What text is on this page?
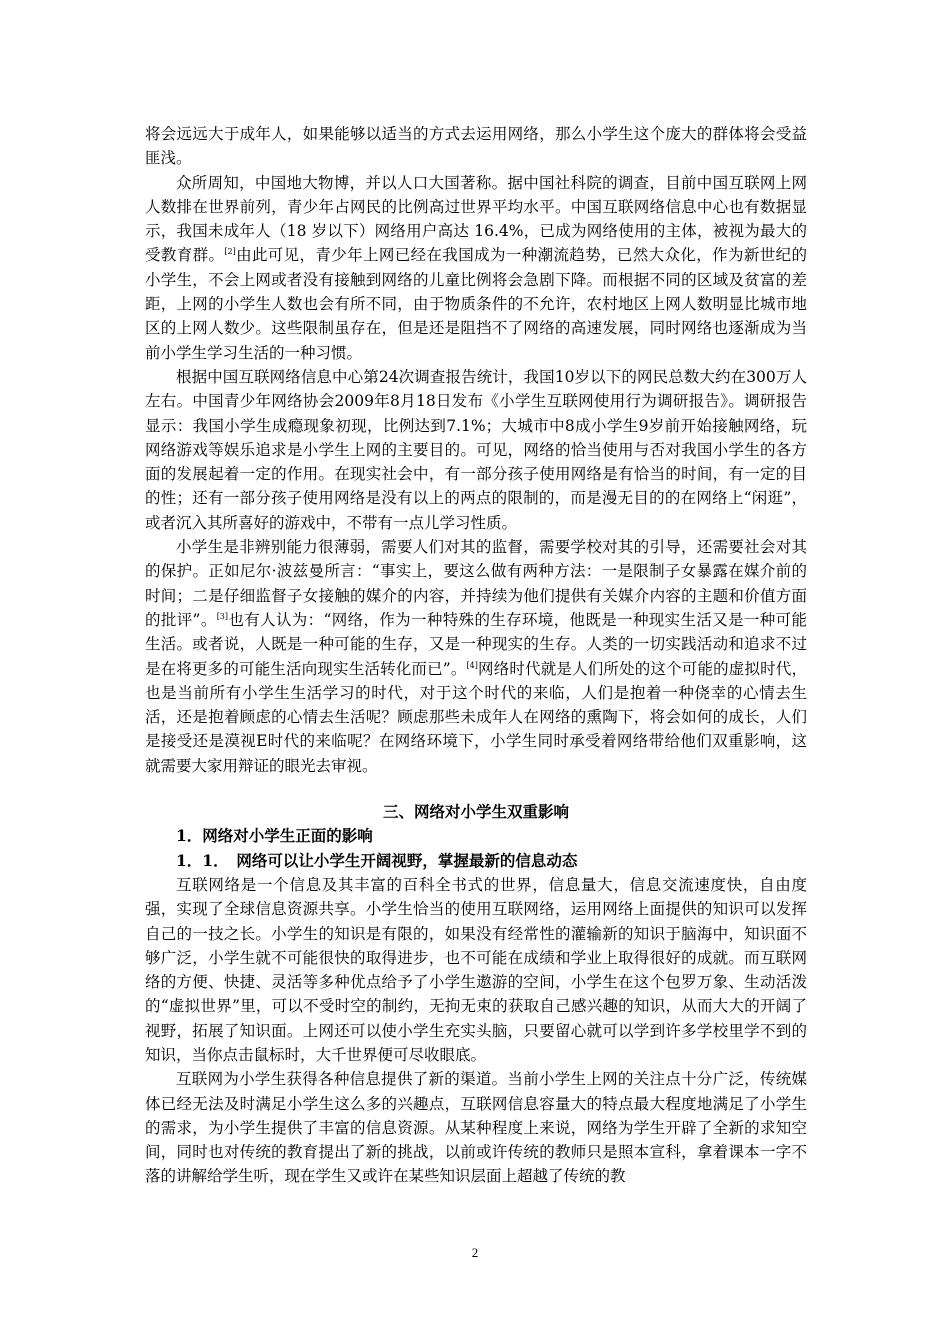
将会远远大于成年人，如果能够以适当的方式去运用网络，那么小学生这个庞大的群体将会受益匪浅。

众所周知，中国地大物博，并以人口大国著称。据中国社科院的调查，目前中国互联网上网人数排在世界前列，青少年占网民的比例高过世界平均水平。中国互联网络信息中心也有数据显示，我国未成年人（18 岁以下）网络用户高达 16.4%，已成为网络使用的主体，被视为最大的受教育群。[2]由此可见，青少年上网已经在我国成为一种潮流趋势，已然大众化，作为新世纪的小学生，不会上网或者没有接触到网络的儿童比例将会急剧下降。而根据不同的区域及贫富的差距，上网的小学生人数也会有所不同，由于物质条件的不允许，农村地区上网人数明显比城市地区的上网人数少。这些限制虽存在，但是还是阻挡不了网络的高速发展，同时网络也逐渐成为当前小学生学习生活的一种习惯。

根据中国互联网络信息中心第24次调查报告统计，我国10岁以下的网民总数大约在300万人左右。中国青少年网络协会2009年8月18日发布《小学生互联网使用行为调研报告》。调研报告显示：我国小学生成瘾现象初现，比例达到7.1%；大城市中8成小学生9岁前开始接触网络，玩网络游戏等娱乐追求是小学生上网的主要目的。可见，网络的恰当使用与否对我国小学生的各方面的发展起着一定的作用。在现实社会中，有一部分孩子使用网络是有恰当的时间，有一定的目的性；还有一部分孩子使用网络是没有以上的两点的限制的，而是漫无目的的在网络上“闲逛”，或者沉入其所喜好的游戏中，不带有一点儿学习性质。

小学生是非辨别能力很薄弱，需要人们对其的监督，需要学校对其的引导，还需要社会对其的保护。正如尼尔·波兹曼所言：“事实上，要这么做有两种方法：一是限制子女暴露在媒介前的时间；二是仔细监督子女接触的媒介的内容，并持续为他们提供有关媒介内容的主题和价值方面的批评”。[3]也有人认为：“网络，作为一种特殊的生存环境，他既是一种现实生活又是一种可能生活。或者说，人既是一种可能的生存，又是一种现实的生存。人类的一切实践活动和追求不过是在将更多的可能生活向现实生活转化而已”。[4]网络时代就是人们所处的这个可能的虚拟时代，也是当前所有小学生生活学习的时代，对于这个时代的来临，人们是抱着一种侥幸的心情去生活，还是抱着顾虑的心情去生活呢？顾虑那些未成年人在网络的熏陶下，将会如何的成长，人们是接受还是漠视E时代的来临呢？在网络环境下，小学生同时承受着网络带给他们双重影响，这就需要大家用辩证的眼光去审视。

三、网络对小学生双重影响
1．网络对小学生正面的影响
1．1．　网络可以让小学生开阔视野，掌握最新的信息动态

互联网络是一个信息及其丰富的百科全书式的世界，信息量大，信息交流速度快，自由度强，实现了全球信息资源共享。小学生恰当的使用互联网络，运用网络上面提供的知识可以发挥自己的一技之长。小学生的知识是有限的，如果没有经常性的灌输新的知识于脑海中，知识面不够广泛，小学生就不可能很快的取得进步，也不可能在成绩和学业上取得很好的成就。而互联网络的方便、快捷、灵活等多种优点给予了小学生遨游的空间，小学生在这个包罗万象、生动活泼的“虚拟世界”里，可以不受时空的制约，无拘无束的获取自己感兴趣的知识，从而大大的开阔了视野，拓展了知识面。上网还可以使小学生充实头脑，只要留心就可以学到许多学校里学不到的知识，当你点击鼠标时，大千世界便可尽收眼底。

互联网为小学生获得各种信息提供了新的渠道。当前小学生上网的关注点十分广泛，传统媒体已经无法及时满足小学生这么多的兴趣点，互联网信息容量大的特点最大程度地满足了小学生的需求，为小学生提供了丰富的信息资源。从某种程度上来说，网络为学生开辟了全新的求知空间，同时也对传统的教育提出了新的挑战，以前或许传统的教师只是照本宣科，拿着课本一字不落的讲解给学生听，现在学生又或许在某些知识层面上超越了传统的教

2
